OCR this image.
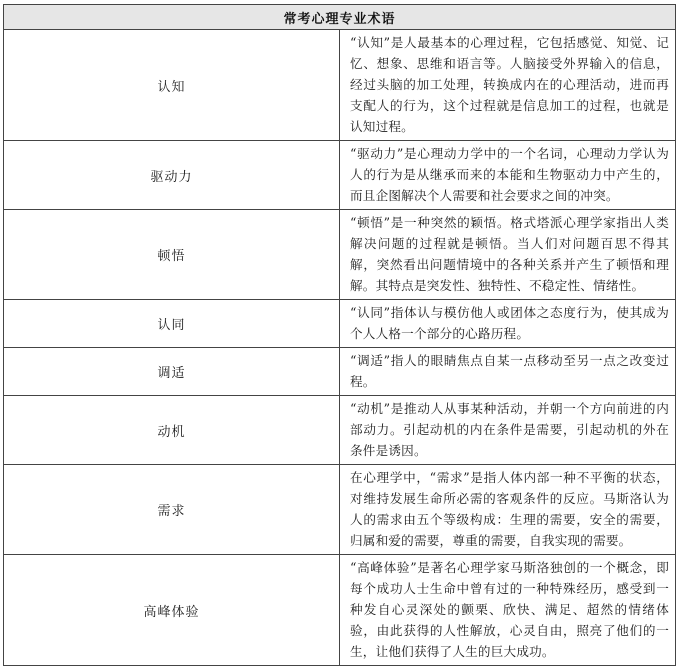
常考心理专业术语	
认知	“认知”是人最基本的心理过程，它包括感觉、知觉、记忆、想象、思维和语言等。人脑接受外界输入的信息，经过头脑的加工处理，转换成内在的心理活动，进而再支配人的行为，这个过程就是信息加工的过程，也就是认知过程。
驱动力	“驱动力”是心理动力学中的一个名词，心理动力学认为人的行为是从继承而来的本能和生物驱动力中产生的，而且企图解决个人需要和社会要求之间的冲突。
顿悟	“顿悟”是一种突然的颖悟。格式塔派心理学家指出人类解决问题的过程就是顿悟。当人们对问题百思不得其解，突然看出问题情境中的各种关系并产生了顿悟和理解。其特点是突发性、独特性、不稳定性、情绪性。
认同	“认同”指体认与模仿他人或团体之态度行为，使其成为个人人格一个部分的心路历程。
调适	“调适”指人的眼睛焦点自某一点移动至另一点之改变过程。
动机	“动机”是推动人从事某种活动，并朝一个方向前进的内部动力。引起动机的内在条件是需要，引起动机的外在条件是诱因。
需求	在心理学中，“需求”是指人体内部一种不平衡的状态，对维持发展生命所必需的客观条件的反应。马斯洛认为人的需求由五个等级构成：生理的需要，安全的需要，归属和爱的需要，尊重的需要，自我实现的需要。
高峰体验	“高峰体验”是著名心理学家马斯洛独创的一个概念，即每个成功人士生命中曾有过的一种特殊经历，感受到一种发自心灵深处的颤栗、欣快、满足、超然的情绪体验，由此获得的人性解放，心灵自由，照亮了他们的一生，让他们获得了人生的巨大成功。
